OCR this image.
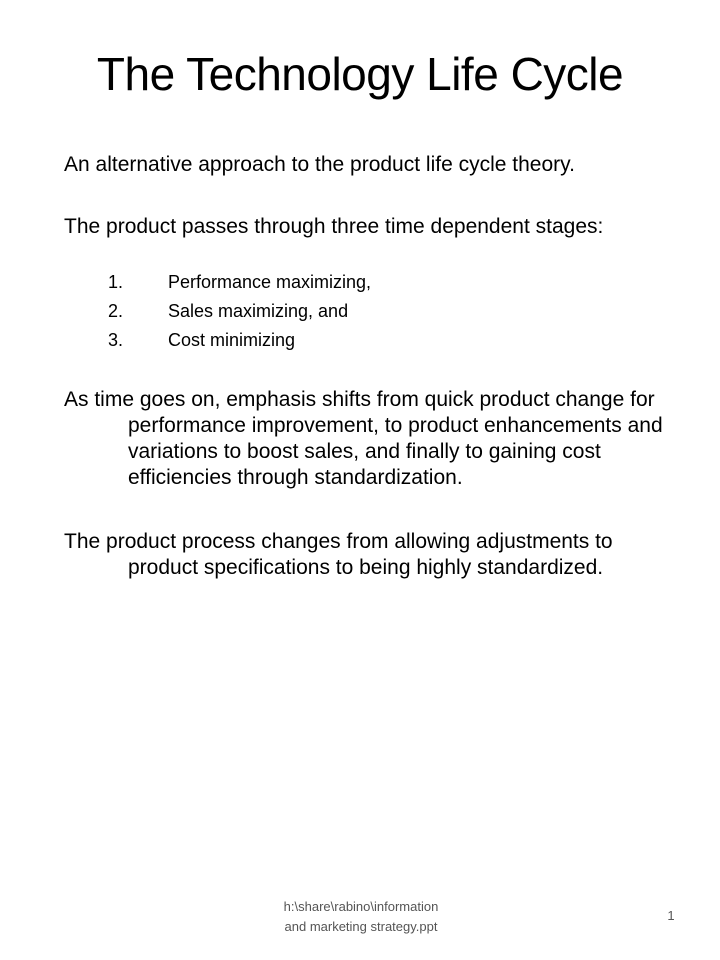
The Technology Life Cycle

An alternative approach to the product life cycle theory.

The product passes through three time dependent stages:

1.	Performance maximizing,
2.	Sales maximizing, and
3.	Cost minimizing

As time goes on, emphasis shifts from quick product change for performance improvement, to product enhancements and variations to boost sales, and finally to gaining cost efficiencies through standardization.

The product process changes from allowing adjustments to product specifications to being highly standardized.

h:\share\rabino\information
and marketing strategy.ppt
1
